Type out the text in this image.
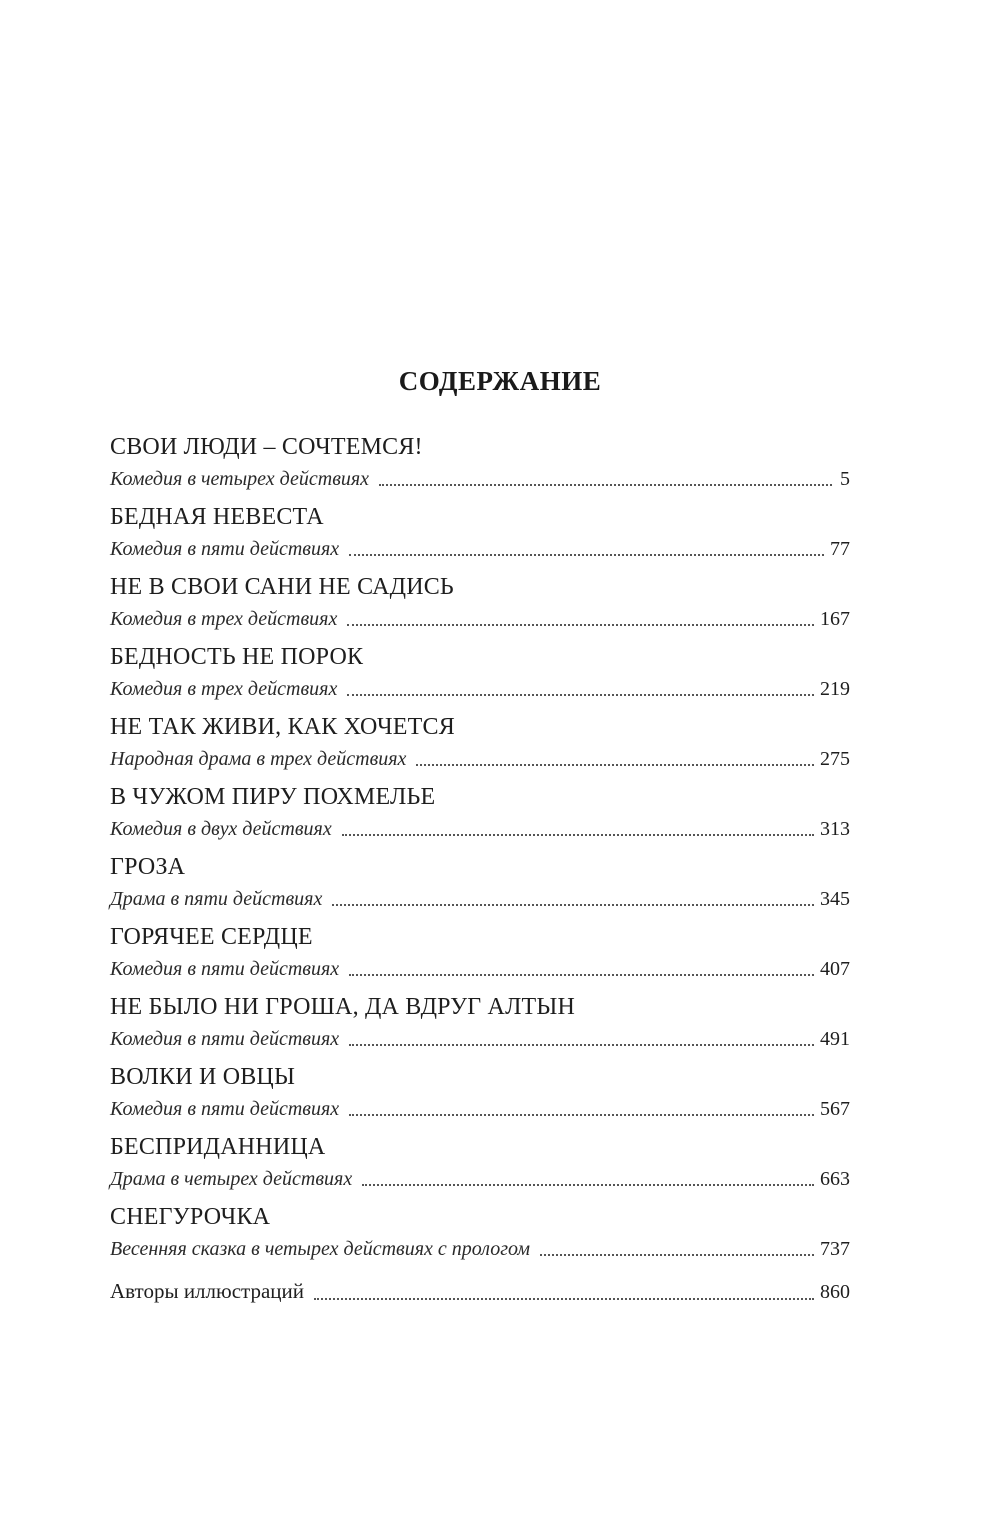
СОДЕРЖАНИЕ
СВОИ ЛЮДИ – СОЧТЕМСЯ!
Комедия в четырех действиях	5
БЕДНАЯ НЕВЕСТА
Комедия в пяти действиях	77
НЕ В СВОИ САНИ НЕ САДИСЬ
Комедия в трех действиях	167
БЕДНОСТЬ НЕ ПОРОК
Комедия в трех действиях	219
НЕ ТАК ЖИВИ, КАК ХОЧЕТСЯ
Народная драма в трех действиях	275
В ЧУЖОМ ПИРУ ПОХМЕЛЬЕ
Комедия в двух действиях	313
ГРОЗА
Драма в пяти действиях	345
ГОРЯЧЕЕ СЕРДЦЕ
Комедия в пяти действиях	407
НЕ БЫЛО НИ ГРОША, ДА ВДРУГ АЛТЫН
Комедия в пяти действиях	491
ВОЛКИ И ОВЦЫ
Комедия в пяти действиях	567
БЕСПРИДАННИЦА
Драма в четырех действиях	663
СНЕГУРОЧКА
Весенняя сказка в четырех действиях с прологом	737
Авторы иллюстраций	860
